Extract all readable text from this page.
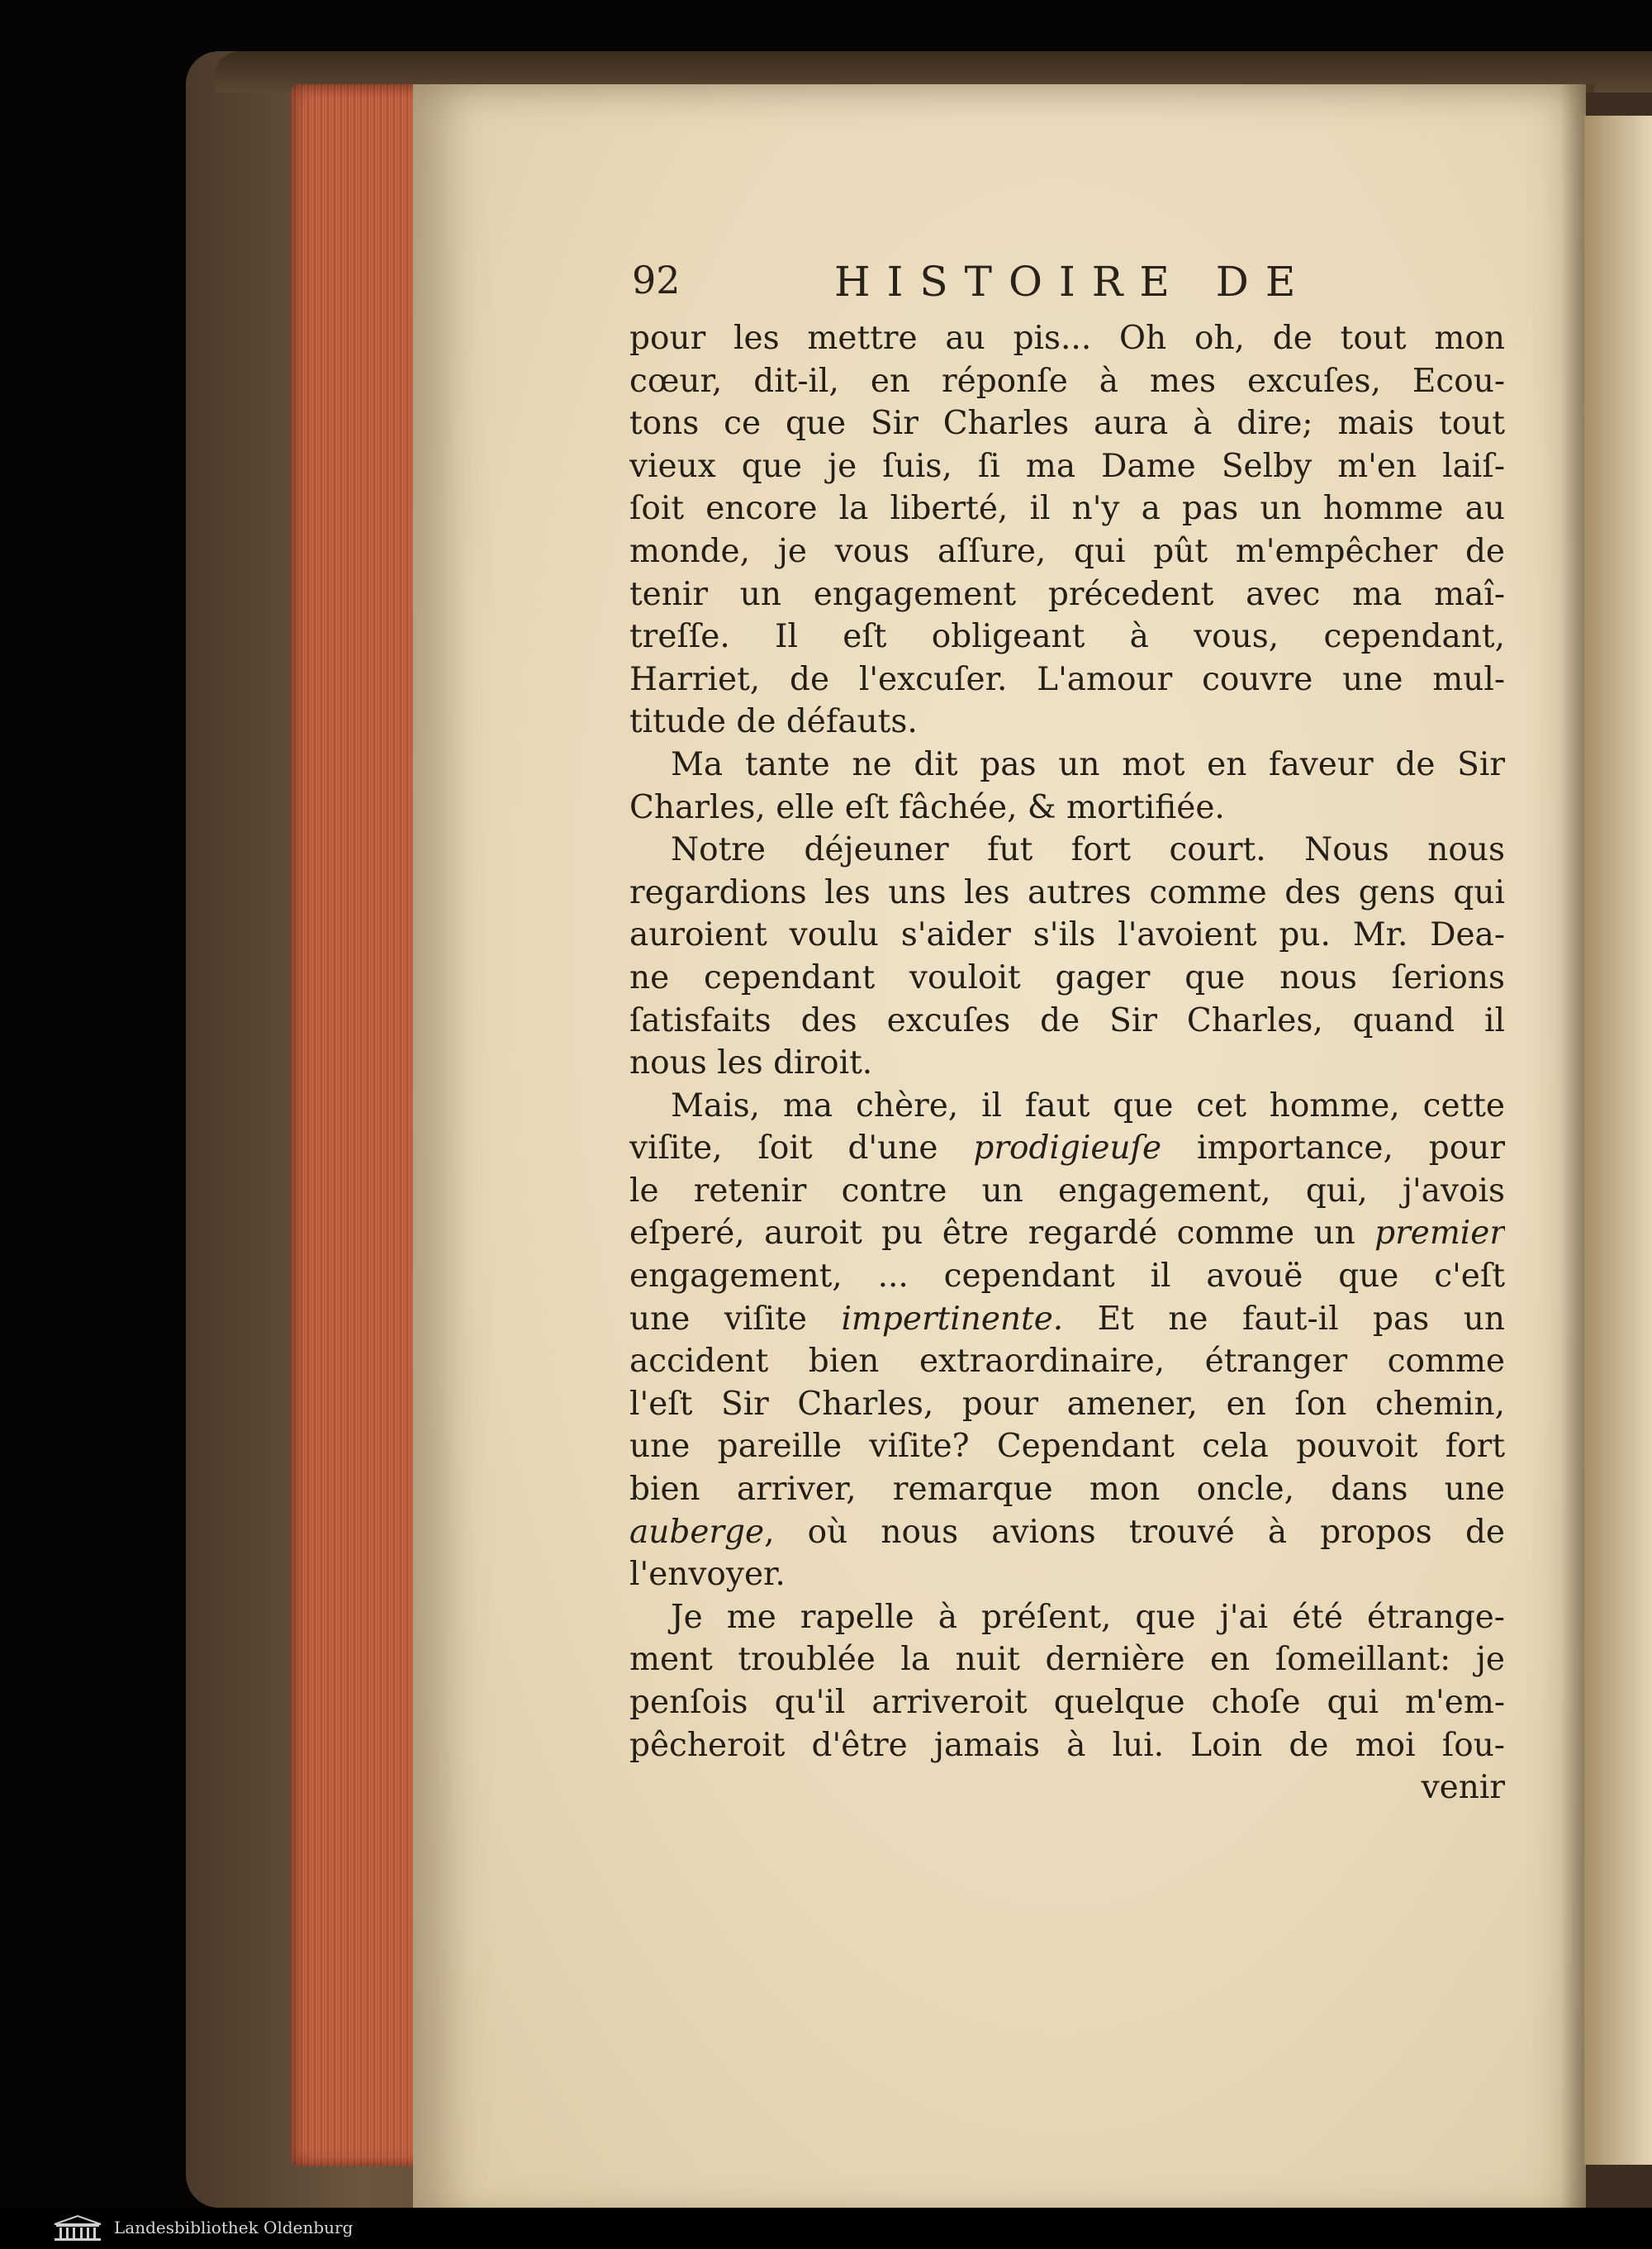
92	HISTOIRE DE
pour les mettre au pis... Oh oh, de tout mon
cœur, dit-il, en réponſe à mes excuſes, Ecou-
tons ce que Sir Charles aura à dire; mais tout
vieux que je ſuis, ſi ma Dame Selby m'en laiſ-
ſoit encore la liberté, il n'y a pas un homme au
monde, je vous aſſure, qui pût m'empêcher de
tenir un engagement précedent avec ma maî-
treſſe. Il eſt obligeant à vous, cependant,
Harriet, de l'excuſer. L'amour couvre une mul-
titude de défauts.
Ma tante ne dit pas un mot en faveur de Sir
Charles, elle eſt fâchée, & mortifiée.
Notre déjeuner fut fort court. Nous nous
regardions les uns les autres comme des gens qui
auroient voulu s'aider s'ils l'avoient pu. Mr. Dea-
ne cependant vouloit gager que nous ſerions
ſatisfaits des excuſes de Sir Charles, quand il
nous les diroit.
Mais, ma chère, il faut que cet homme, cette
viſite, ſoit d'une prodigieuſe importance, pour
le retenir contre un engagement, qui, j'avois
eſperé, auroit pu être regardé comme un premier
engagement, ... cependant il avouë que c'eſt
une viſite impertinente. Et ne faut-il pas un
accident bien extraordinaire, étranger comme
l'eſt Sir Charles, pour amener, en ſon chemin,
une pareille viſite? Cependant cela pouvoit fort
bien arriver, remarque mon oncle, dans une
auberge, où nous avions trouvé à propos de
l'envoyer.
Je me rapelle à préſent, que j'ai été étrange-
ment troublée la nuit dernière en ſomeillant: je
penſois qu'il arriveroit quelque choſe qui m'em-
pêcheroit d'être jamais à lui. Loin de moi ſou-
venir
Landesbibliothek Oldenburg
